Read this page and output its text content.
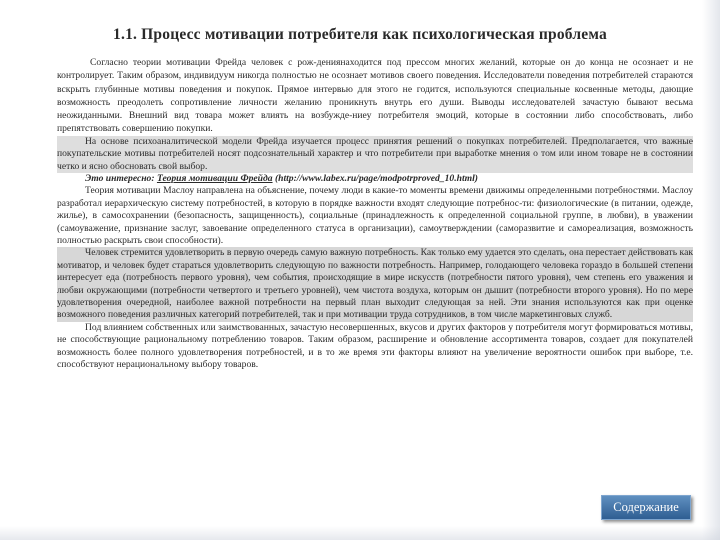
1.1. Процесс мотивации потребителя как психологическая проблема

Согласно теории мотивации Фрейда человек с рож-дениянаходится под прессом многих желаний, которые он до конца не осознает и не контролирует. Таким образом, индивидуум никогда полностью не осознает мотивов своего поведения. Исследователи поведения потребителей стараются вскрыть глубинные мотивы поведения и покупок. Прямое интервью для этого не годится, используются специальные косвенные методы, дающие возможность преодолеть сопротивление личности желанию проникнуть внутрь его души. Выводы исследователей зачастую бывают весьма неожиданными. Внешний вид товара может влиять на возбужде-ниеу потребителя эмоций, которые в состоянии либо способствовать, либо препятствовать совершению покупки.

На основе психоаналитической модели Фрейда изучается процесс принятия решений о покупках потребителей. Предполагается, что важные покупательские мотивы потребителей носят подсознательный характер и что потребители при выработке мнения о том или ином товаре не в состоянии четко и ясно обосновать свой выбор.

Это интересно: Теория мотивации Фрейда (http://www.labex.ru/page/modpotrproved_10.html)

Теория мотивации Маслоу направлена на объяснение, почему люди в какие-то моменты времени движимы определенными потребностями. Маслоу разработал иерархическую систему потребностей, в которую в порядке важности входят следующие потребнос-ти: физиологические (в питании, одежде, жилье), в самосохранении (безопасность, защищенность), социальные (принадлежность к определенной социальной группе, в любви), в уважении (самоуважение, признание заслуг, завоевание определенного статуса в организации), самоутверждении (саморазвитие и самореализация, возможность полностью раскрыть свои способности).

Человек стремится удовлетворить в первую очередь самую важную потребность. Как только ему удается это сделать, она перестает действовать как мотиватор, и человек будет стараться удовлетворить следующую по важности потребность. Например, голодающего человека гораздо в большей степени интересует еда (потребность первого уровня), чем события, происходящие в мире искусств (потребности пятого уровня), чем степень его уважения и любви окружающими (потребности четвертого и третьего уровней), чем чистота воздуха, которым он дышит (потребности второго уровня). Но по мере удовлетворения очередной, наиболее важной потребности на первый план выходит следующая за ней. Эти знания используются как при оценке возможного поведения различных категорий потребителей, так и при мотивации труда сотрудников, в том числе маркетинговых служб.

Под влиянием собственных или заимствованных, зачастую несовершенных, вкусов и других факторов у потребителя могут формироваться мотивы, не способствующие рациональному потреблению товаров. Таким образом, расширение и обновление ассортимента товаров, создает для покупателей возможность более полного удовлетворения потребностей, и в то же время эти факторы влияют на увеличение вероятности ошибок при выборе, т.е. способствуют нерациональному выбору товаров.

Содержание
